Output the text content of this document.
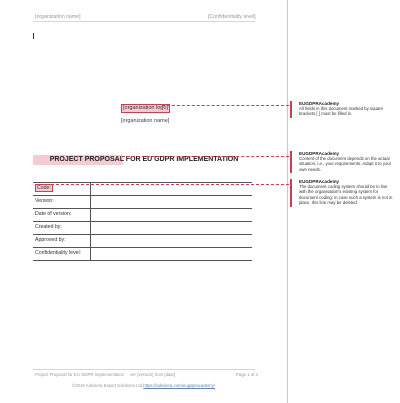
[organization name]	[Confidentiality level]
[organization logo]
[organization name]
PROJECT PROPOSAL FOR EU GDPR IMPLEMENTATION
Code:	
Version:	
Date of version:	
Created by:	
Approved by:	
Confidentiality level:	
Project Proposal for EU GDPR Implementation ver [version] from [date]	Page 1 of 4
©2016 Advisera Expert Solutions Ltd https://advisera.com/eugdpracademy/
EUGDPRAcademy
All fields in this document marked by square brackets [ ] must be filled in.
EUGDPRAcademy
Content of the document depends on the actual situation, i.e., your requirements. Adapt it to your own needs.
EUGDPRAcademy
The document coding system should be in line with the organisation's existing system for document coding; in case such a system is not in place, this line may be deleted.
